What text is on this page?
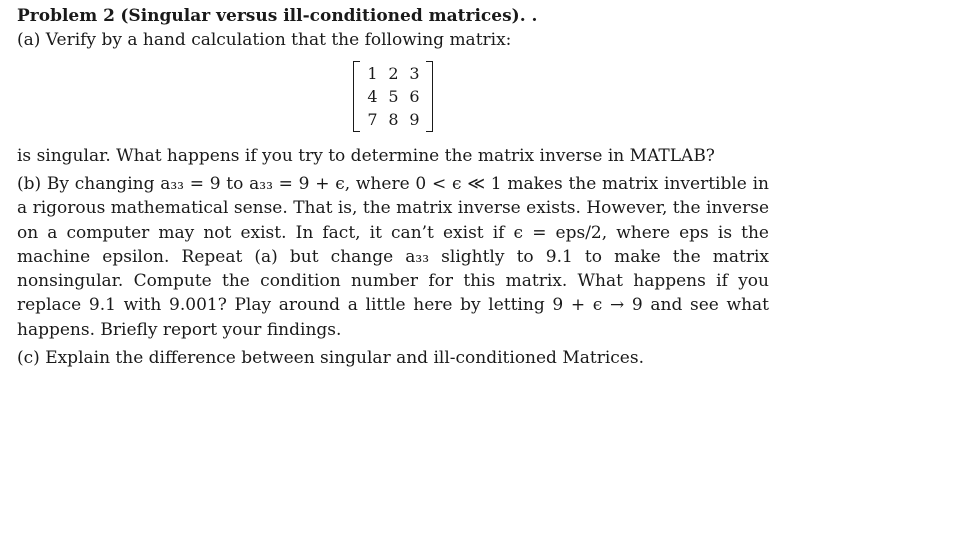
Problem 2 (Singular versus ill-conditioned matrices). .
(a) Verify by a hand calculation that the following matrix:
1 2 3
4 5 6
7 8 9
is singular. What happens if you try to determine the matrix inverse in MATLAB?
(b) By changing a₃₃ = 9 to a₃₃ = 9 + ϵ, where 0 < ϵ ≪ 1 makes the matrix invertible in a rigorous mathematical sense. That is, the matrix inverse exists. However, the inverse on a computer may not exist. In fact, it can’t exist if ϵ = eps/2, where eps is the machine epsilon. Repeat (a) but change a₃₃ slightly to 9.1 to make the matrix nonsingular. Compute the condition number for this matrix. What happens if you replace 9.1 with 9.001? Play around a little here by letting 9 + ϵ → 9 and see what happens. Briefly report your findings.
(c) Explain the difference between singular and ill-conditioned Matrices.
